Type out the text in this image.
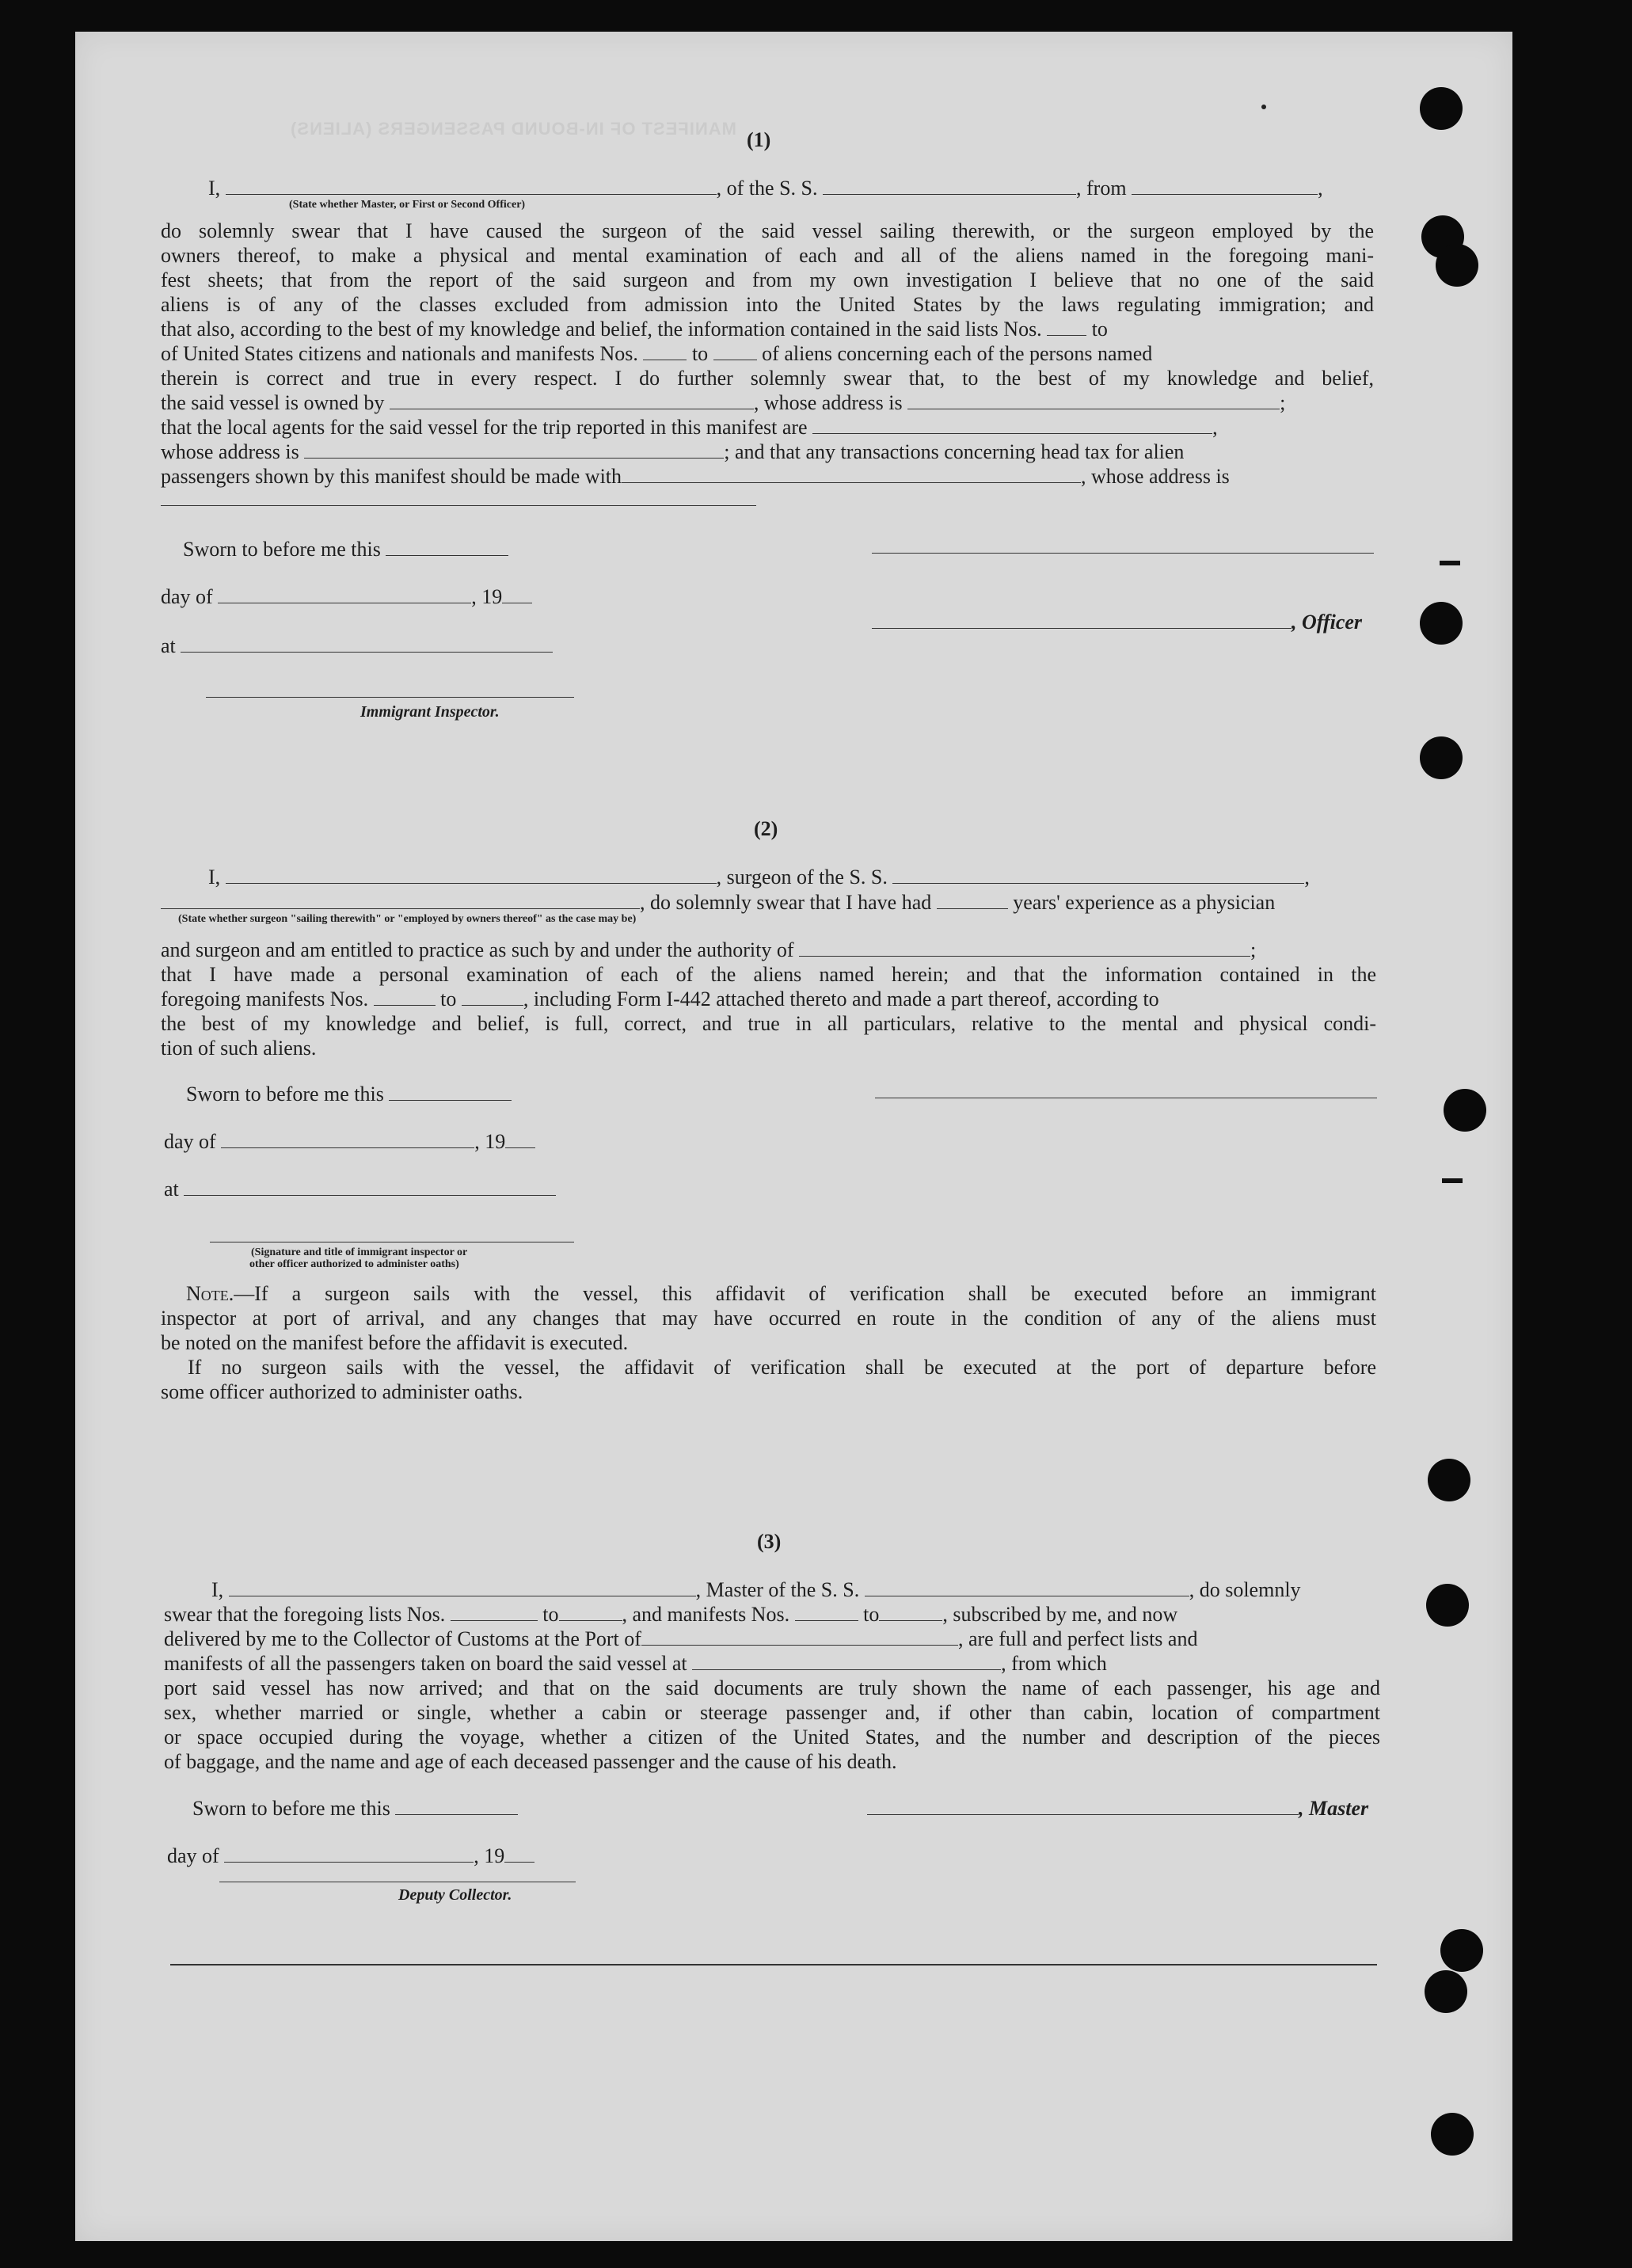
MANIFEST OF IN-BOUND PASSENGERS (ALIENS) (1)
I,	, of the S. S.	, from	,
(State whether Master, or First or Second Officer)
do solemnly swear that I have caused the surgeon of the said vessel sailing therewith, or the surgeon employed by the
owners thereof, to make a physical and mental examination of each and all of the aliens named in the foregoing mani-
fest sheets; that from the report of the said surgeon and from my own investigation I believe that no one of the said
aliens is of any of the classes excluded from admission into the United States by the laws regulating immigration; and
that also, according to the best of my knowledge and belief, the information contained in the said lists Nos. to
of United States citizens and nationals and manifests Nos.	to	of aliens concerning each of the persons named
therein is correct and true in every respect. I do further solemnly swear that, to the best of my knowledge and belief,
the said vessel is owned by	, whose address is	;
that the local agents for the said vessel for the trip reported in this manifest are	,
whose address is	; and that any transactions concerning head tax for alien
passengers shown by this manifest should be made with	, whose address is
Sworn to before me this
day of	, 19
, Officer
at
Immigrant Inspector.
(2)
I,	, surgeon of the S. S.	,
, do solemnly swear that I have had	years' experience as a physician
(State whether surgeon "sailing therewith" or "employed by owners thereof" as the case may be)
and surgeon and am entitled to practice as such by and under the authority of	;
that I have made a personal examination of each of the aliens named herein; and that the information contained in the
foregoing manifests Nos.	to	, including Form I-442 attached thereto and made a part thereof, according to
the best of my knowledge and belief, is full, correct, and true in all particulars, relative to the mental and physical condi-
tion of such aliens.
Sworn to before me this
day of	, 19
at
(Signature and title of immigrant inspector or
other officer authorized to administer oaths)
Note.—If a surgeon sails with the vessel, this affidavit of verification shall be executed before an immigrant
inspector at port of arrival, and any changes that may have occurred en route in the condition of any of the aliens must
be noted on the manifest before the affidavit is executed.
If no surgeon sails with the vessel, the affidavit of verification shall be executed at the port of departure before
some officer authorized to administer oaths.
(3)
I,	, Master of the S. S.	, do solemnly
swear that the foregoing lists Nos.	to	, and manifests Nos.	to	, subscribed by me, and now
delivered by me to the Collector of Customs at the Port of	, are full and perfect lists and
manifests of all the passengers taken on board the said vessel at	, from which
port said vessel has now arrived; and that on the said documents are truly shown the name of each passenger, his age and
sex, whether married or single, whether a cabin or steerage passenger and, if other than cabin, location of compartment
or space occupied during the voyage, whether a citizen of the United States, and the number and description of the pieces
of baggage, and the name and age of each deceased passenger and the cause of his death.
Sworn to before me this	, Master
day of	, 19
Deputy Collector.
